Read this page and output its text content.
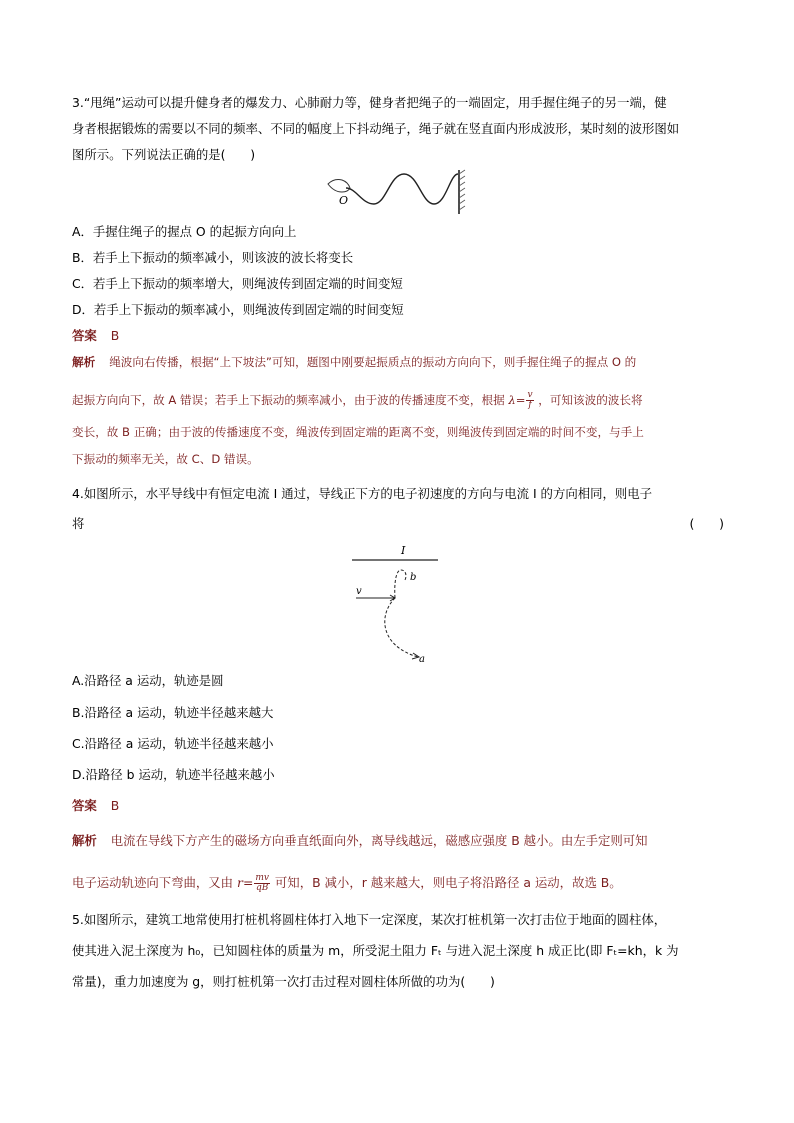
3.“甩绳”运动可以提升健身者的爆发力、心肺耐力等，健身者把绳子的一端固定，用手握住绳子的另一端，健
身者根据锻炼的需要以不同的频率、不同的幅度上下抖动绳子，绳子就在竖直面内形成波形，某时刻的波形图如
图所示。下列说法正确的是(　　)
O
A．手握住绳子的握点 O 的起振方向向上
B．若手上下振动的频率减小，则该波的波长将变长
C．若手上下振动的频率增大，则绳波传到固定端的时间变短
D．若手上下振动的频率减小，则绳波传到固定端的时间变短
答案 B
解析 绳波向右传播，根据“上下坡法”可知，题图中刚要起振质点的振动方向向下，则手握住绳子的握点 O 的
起振方向向下，故 A 错误；若手上下振动的频率减小，由于波的传播速度不变，根据 $\lambda= \frac{v}{f}$ ，可知该波的波长将
变长，故 B 正确；由于波的传播速度不变，绳波传到固定端的距离不变，则绳波传到固定端的时间不变，与手上
下振动的频率无关，故 C、D 错误。
4.如图所示，水平导线中有恒定电流 I 通过，导线正下方的电子初速度的方向与电流 I 的方向相同，则电子
将	(　　)
I
v
b
a
A.沿路径 a 运动，轨迹是圆
B.沿路径 a 运动，轨迹半径越来越大
C.沿路径 a 运动，轨迹半径越来越小
D.沿路径 b 运动，轨迹半径越来越小
答案 B
解析 电流在导线下方产生的磁场方向垂直纸面向外，离导线越远，磁感应强度 B 越小。由左手定则可知
电子运动轨迹向下弯曲，又由 $r= \frac{mv}{qB}$ 可知，B 减小，r 越来越大，则电子将沿路径 a 运动，故选 B。
5.如图所示，建筑工地常使用打桩机将圆柱体打入地下一定深度，某次打桩机第一次打击位于地面的圆柱体，
使其进入泥土深度为 h₀，已知圆柱体的质量为 m，所受泥土阻力 Fₜ 与进入泥土深度 h 成正比(即 Fₜ=kh，k 为
常量)，重力加速度为 g，则打桩机第一次打击过程对圆柱体所做的功为(　　)
